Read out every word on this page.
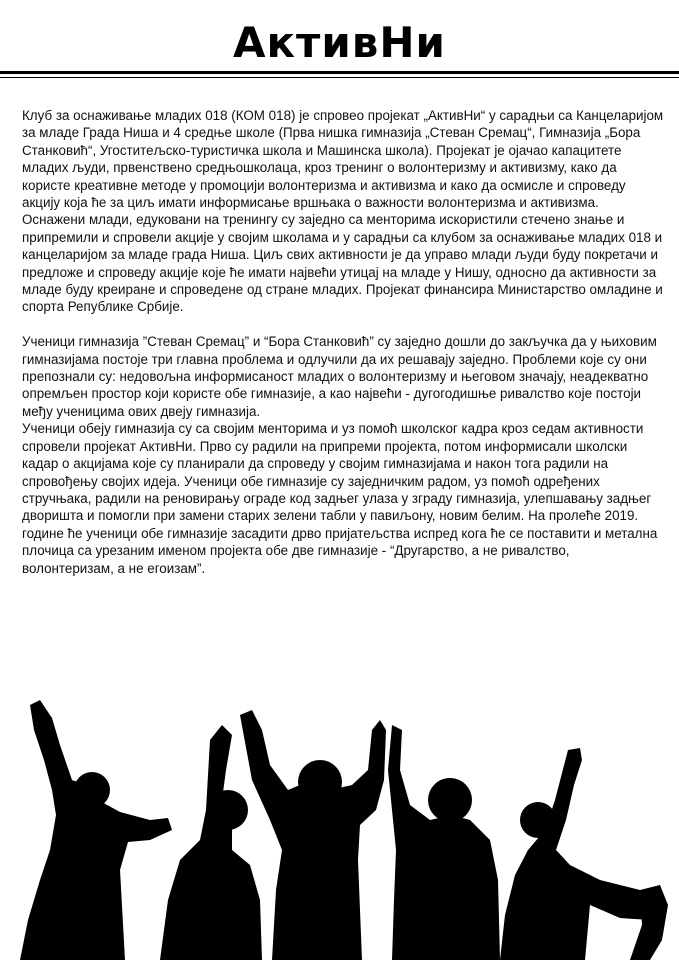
АктивНи

Клуб за оснаживање младих 018 (КОМ 018) је спровео пројекат „АктивНи“ у сарадњи са Канцеларијом за младе Града Ниша и 4 средње школе (Прва нишка гимназија „Стеван Сремац“, Гимназија „Бора Станковић“, Угоститељско-туристичка школа и Машинска школа). Пројекат је ојачао капацитете младих људи, првенствено средњошколаца, кроз тренинг о волонтеризму и активизму, како да користе креативне методе у промоцији волонтеризма и активизма и како да осмисле и спроведу акцију која ће за циљ имати информисање вршњака о важности волонтеризма и активизма. Оснажени млади, едуковани на тренингу су заједно са менторима искористили стечено знање и припремили и спровели акције у својим школама и у сарадњи са клубом за оснаживање младих 018 и канцеларијом за младе града Ниша. Циљ свих активности је да управо млади људи буду покретачи и предложе и спроведу акције које ће имати највећи утицај на младе у Нишу, односно да активности за младе буду креиране и спроведене од стране младих. Пројекат финансира Министарство омладине и спорта Републике Србије.

Ученици гимназија ”Стеван Сремац” и “Бора Станковић” су заједно дошли до закључка да у њиховим гимназијама постоје три главна проблема и одлучили да их решавају заједно. Проблеми које су они препознали су: недовољна информисаност младих о волонтеризму и његовом значају, неадекватно опремљен простор који користе обе гимназије, а као највећи - дугогодишње ривалство које постоји међу ученицима ових двеју гимназија.

Ученици обеју гимназија су са својим менторима и уз помоћ школског кадра кроз седам активности спровели пројекат АктивНи. Прво су радили на припреми пројекта, потом информисали школски кадар о акцијама које су планирали да спроведу у својим гимназијама и након тога радили на спровођењу својих идеја. Ученици обе гимназије су заједничким радом, уз помоћ одређених стручњака, радили на реновирању ограде код задњег улаза у зграду гимназија, улепшавању задњег дворишта и помогли при замени старих зелени табли у павиљону, новим белим. На пролеће 2019. године ће ученици обе гимназије засадити дрво пријатељства испред кога ће се поставити и метална плочица са урезаним именом пројекта обе две гимназије - “Другарство, а не ривалство, волонтеризам, а не егоизам”.
